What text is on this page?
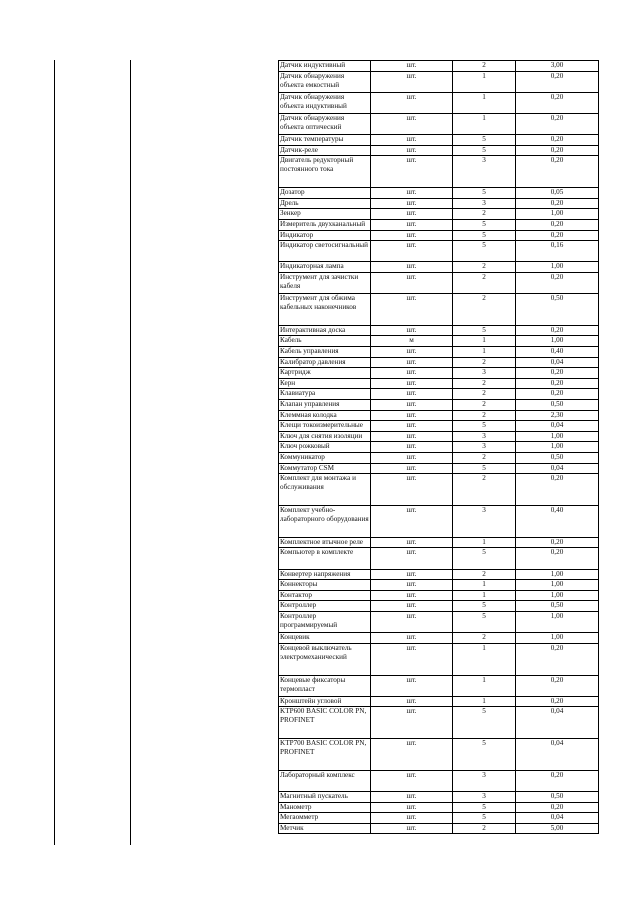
Датчик индуктивный	шт.	2	3,00
Датчик обнаружения объекта емкостный	шт.	1	0,20
Датчик обнаружения объекта индуктивный	шт.	1	0,20
Датчик обнаружения объекта оптический	шт.	1	0,20
Датчик температуры	шт.	5	0,20
Датчик-реле	шт.	5	0,20
Двигатель редукторный постоянного тока	шт.	3	0,20
Дозатор	шт.	5	0,05
Дрель	шт.	3	0,20
Зенкер	шт.	2	1,00
Измеритель двухканальный	шт.	5	0,20
Индикатор	шт.	5	0,20
Индикатор светосигнальный	шт.	5	0,16
Индикаторная лампа	шт.	2	1,00
Инструмент для зачистки кабеля	шт.	2	0,20
Инструмент для обжима кабельных наконечников	шт.	2	0,50
Интерактивная доска	шт.	5	0,20
Кабель	м	1	1,00
Кабель управления	шт.	1	0,40
Калибратор давления	шт.	2	0,04
Картридж	шт.	3	0,20
Керн	шт.	2	0,20
Клавиатура	шт.	2	0,20
Клапан управления	шт.	2	0,50
Клеммная колодка	шт.	2	2,30
Клещи токоизмерительные	шт.	5	0,04
Ключ для снятия изоляции	шт.	3	1,00
Ключ рожковый	шт.	3	1,00
Коммуникатор	шт.	2	0,50
Коммутатор CSM	шт.	5	0,04
Комплект для монтажа и обслуживания	шт.	2	0,20
Комплект учебно-лабораторного оборудования	шт.	3	0,40
Комплектное втычное реле	шт.	1	0,20
Компьютер в комплекте	шт.	5	0,20
Конвертер напряжения	шт.	2	1,00
Коннекторы	шт.	1	1,00
Контактор	шт.	1	1,00
Контроллер	шт.	5	0,50
Контроллер программируемый	шт.	5	1,00
Концевик	шт.	2	1,00
Концевой выключатель электромеханический	шт.	1	0,20
Концевые фиксаторы термопласт	шт.	1	0,20
Кронштейн угловой	шт.	1	0,20
KTP600 BASIC COLOR PN, PROFINET	шт.	5	0,04
KTP700 BASIC COLOR PN, PROFINET	шт.	5	0,04
Лабораторный комплекс	шт.	3	0,20
Магнитный пускатель	шт.	3	0,50
Манометр	шт.	5	0,20
Мегаомметр	шт.	5	0,04
Метчик	шт.	2	5,00
